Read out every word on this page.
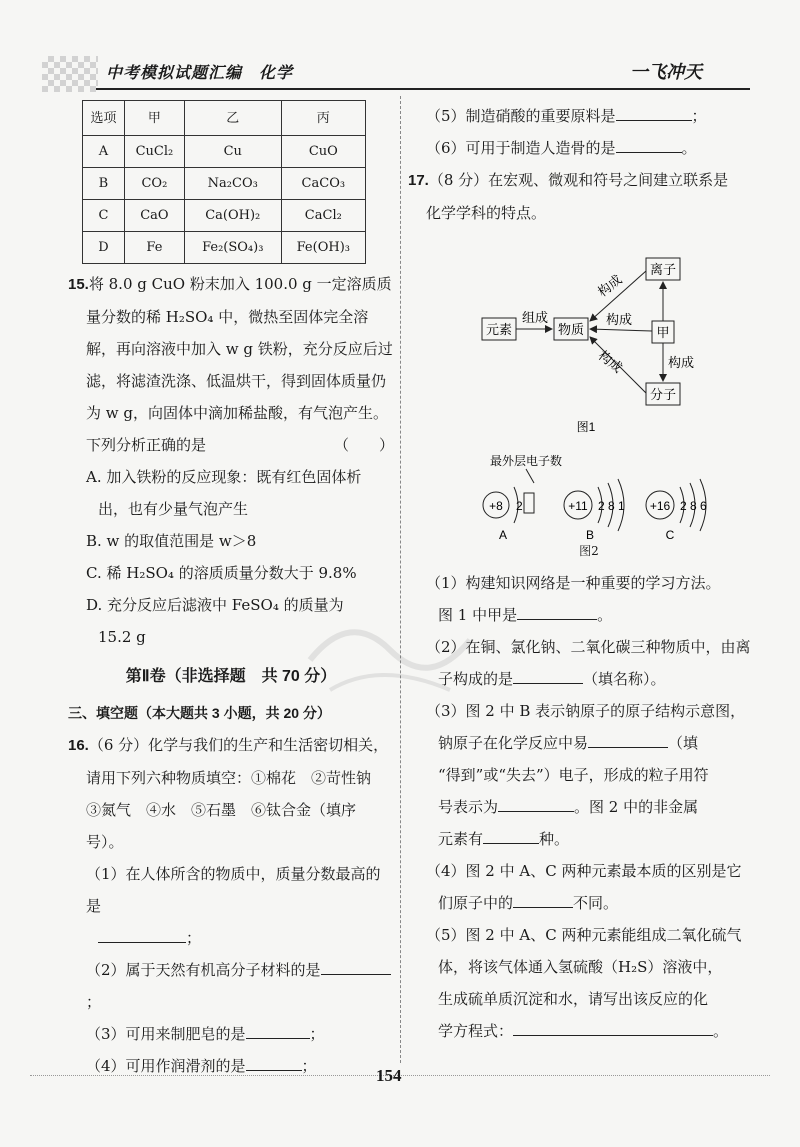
中考模拟试题汇编　化学	一飞冲天
选项	甲	乙	丙
A	CuCl₂	Cu	CuO
B	CO₂	Na₂CO₃	CaCO₃
C	CaO	Ca(OH)₂	CaCl₂
D	Fe	Fe₂(SO₄)₃	Fe(OH)₃
15.将 8.0 g CuO 粉末加入 100.0 g 一定溶质质
量分数的稀 H₂SO₄ 中，微热至固体完全溶
解，再向溶液中加入 w g 铁粉，充分反应后过
滤，将滤渣洗涤、低温烘干，得到固体质量仍
为 w g，向固体中滴加稀盐酸，有气泡产生。
下列分析正确的是	（　　）
A. 加入铁粉的反应现象：既有红色固体析
出，也有少量气泡产生
B. w 的取值范围是 w＞8
C. 稀 H₂SO₄ 的溶质质量分数大于 9.8%
D. 充分反应后滤液中 FeSO₄ 的质量为
15.2 g
第Ⅱ卷（非选择题　共 70 分）
三、填空题（本大题共 3 小题，共 20 分）
16.（6 分）化学与我们的生产和生活密切相关，
请用下列六种物质填空：①棉花　②苛性钠
③氮气　④水　⑤石墨　⑥钛合金（填序
号）。
（1）在人体所含的物质中，质量分数最高的是
；
（2）属于天然有机高分子材料的是；
（3）可用来制肥皂的是	；
（4）可用作润滑剂的是	；
（5）制造硝酸的重要原料是	；
（6）可用于制造人造骨的是	。
17.（8 分）在宏观、微观和符号之间建立联系是
化学学科的特点。
元素	物质
离子
甲
分子
组成
构成
构成
构成	构成
图1
最外层电子数
+8 2
A
+11 2 8 1
B
+16 2 8 6
C
图2
（1）构建知识网络是一种重要的学习方法。
图 1 中甲是	。
（2）在铜、氯化钠、二氧化碳三种物质中，由离
子构成的是	（填名称）。
（3）图 2 中 B 表示钠原子的原子结构示意图，
钠原子在化学反应中易	（填
“得到”或“失去”）电子，形成的粒子用符
号表示为	。图 2 中的非金属
元素有	种。
（4）图 2 中 A、C 两种元素最本质的区别是它
们原子中的	不同。
（5）图 2 中 A、C 两种元素能组成二氧化硫气
体，将该气体通入氢硫酸（H₂S）溶液中，
生成硫单质沉淀和水，请写出该反应的化
学方程式：	。
154
